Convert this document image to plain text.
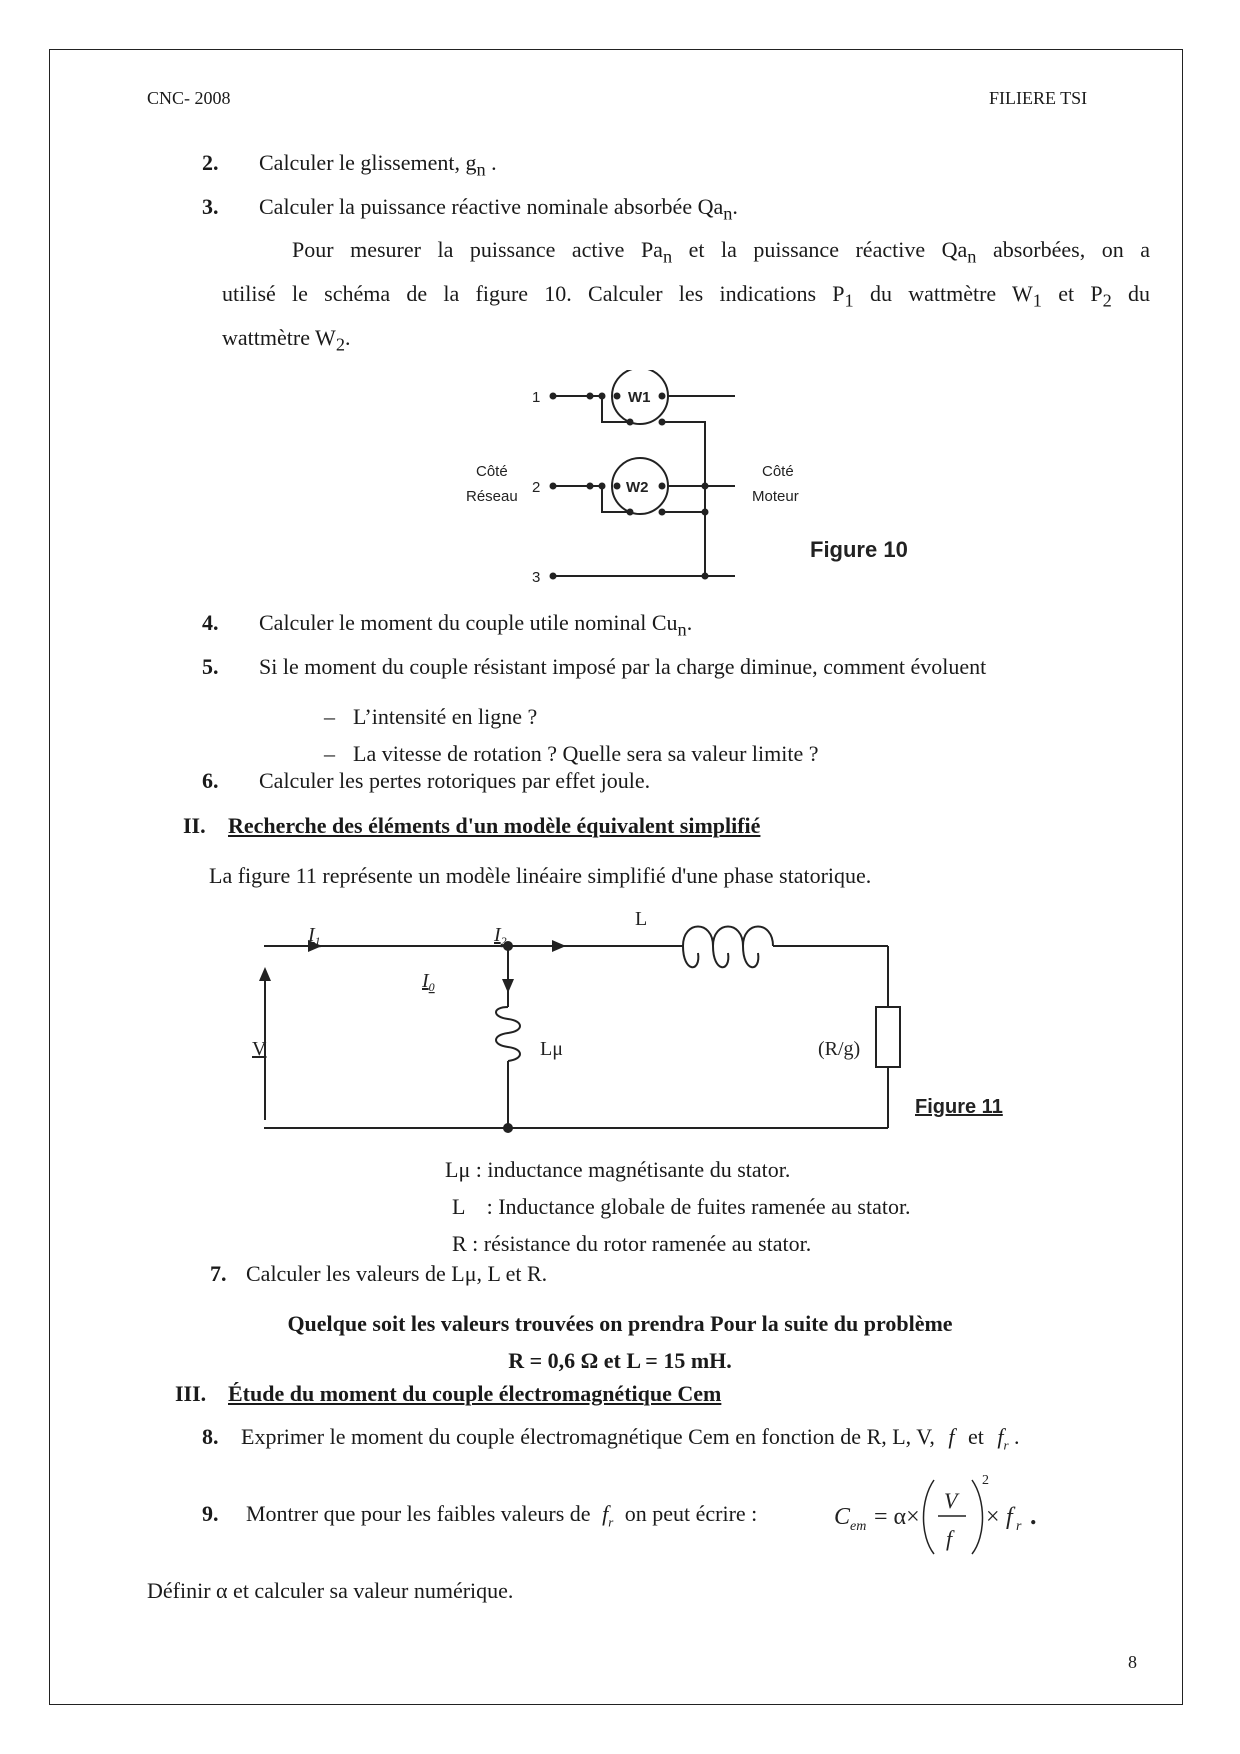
CNC- 2008	FILIERE TSI
2. Calculer le glissement, $g_n$ .
3. Calculer la puissance réactive nominale absorbée $Qa_n$.
Pour mesurer la puissance active $Pa_n$ et la puissance réactive $Qa_n$ absorbées, on a
utilisé le schéma de la figure 10. Calculer les indications $P_1$ du wattmètre $W_1$ et $P_2$ du
wattmètre $W_2$.
1
2
3
W1
W2
Côté
Réseau
Côté
Moteur
Figure 10
4. Calculer le moment du couple utile nominal $Cu_n$.
5. Si le moment du couple résistant imposé par la charge diminue, comment évoluent
– L’intensité en ligne ?
– La vitesse de rotation ? Quelle sera sa valeur limite ?
6. Calculer les pertes rotoriques par effet joule.
II. Recherche des éléments d'un modèle équivalent simplifié
La figure 11 représente un modèle linéaire simplifié d'une phase statorique.
L
$I_1$	$I_2$
$I_0$
V	Lμ	(R/g)
Figure 11
Lμ : inductance magnétisante du stator.
L    : Inductance globale de fuites ramenée au stator.
R : résistance du rotor ramenée au stator.
7. Calculer les valeurs de Lμ, L et R.
Quelque soit les valeurs trouvées on prendra Pour la suite du problème
R = 0,6 Ω et L = 15 mH.
III. Étude du moment du couple électromagnétique Cem
8. Exprimer le moment du couple électromagnétique Cem en fonction de R, L, V, f et $f_r$ .
9. Montrer que pour les faibles valeurs de $f_r$ on peut écrire :	C em = α×
V
f
2
× f r .
Définir α et calculer sa valeur numérique.
8
